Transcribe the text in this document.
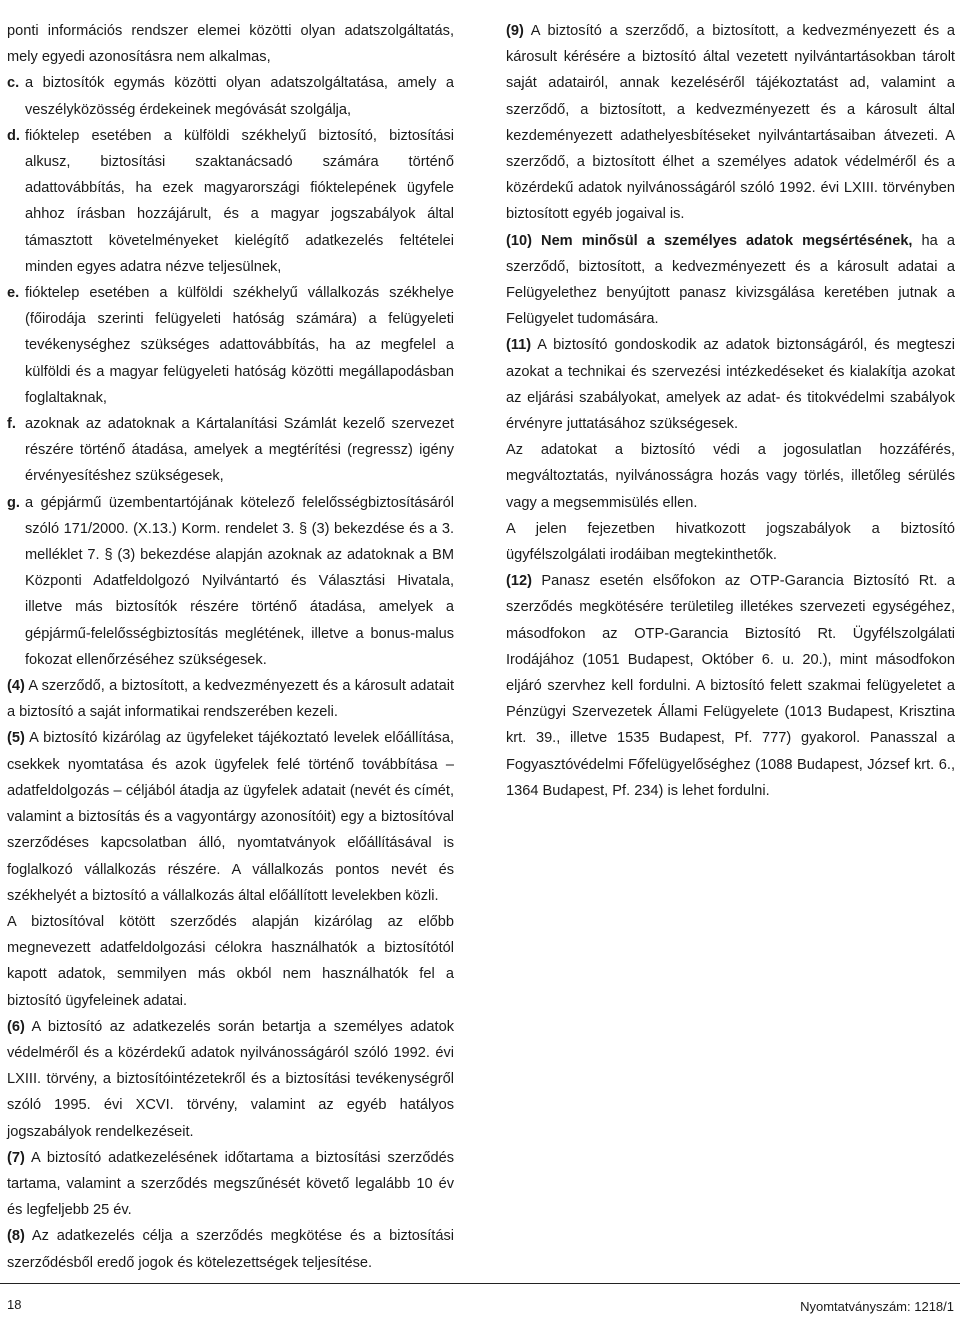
ponti információs rendszer elemei közötti olyan adatszolgáltatás, mely egyedi azonosításra nem alkalmas,

c. a biztosítók egymás közötti olyan adatszolgáltatása, amely a veszélyközösség érdekeinek megóvását szolgálja,

d. fióktelep esetében a külföldi székhelyű biztosító, biztosítási alkusz, biztosítási szaktanácsadó számára történő adattovábbítás, ha ezek magyarországi fióktelepének ügyfele ahhoz írásban hozzájárult, és a magyar jogszabályok által támasztott követelményeket kielégítő adatkezelés feltételei minden egyes adatra nézve teljesülnek,

e. fióktelep esetében a külföldi székhelyű vállalkozás székhelye (főirodája szerinti felügyeleti hatóság számára) a felügyeleti tevékenységhez szükséges adattovábbítás, ha az megfelel a külföldi és a magyar felügyeleti hatóság közötti megállapodásban foglaltaknak,

f. azoknak az adatoknak a Kártalanítási Számlát kezelő szervezet részére történő átadása, amelyek a megtérítési (regressz) igény érvényesítéshez szükségesek,

g. a gépjármű üzembentartójának kötelező felelősségbiztosításáról szóló 171/2000. (X.13.) Korm. rendelet 3. § (3) bekezdése és a 3. melléklet 7. § (3) bekezdése alapján azoknak az adatoknak a BM Központi Adatfeldolgozó Nyilvántartó és Választási Hivatala, illetve más biztosítók részére történő átadása, amelyek a gépjármű-felelősségbiztosítás meglétének, illetve a bonus-malus fokozat ellenőrzéséhez szükségesek.

(4) A szerződő, a biztosított, a kedvezményezett és a károsult adatait a biztosító a saját informatikai rendszerében kezeli.

(5) A biztosító kizárólag az ügyfeleket tájékoztató levelek előállítása, csekkek nyomtatása és azok ügyfelek felé történő továbbítása – adatfeldolgozás – céljából átadja az ügyfelek adatait (nevét és címét, valamint a biztosítás és a vagyontárgy azonosítóit) egy a biztosítóval szerződéses kapcsolatban álló, nyomtatványok előállításával is foglalkozó vállalkozás részére. A vállalkozás pontos nevét és székhelyét a biztosító a vállalkozás által előállított levelekben közli.

A biztosítóval kötött szerződés alapján kizárólag az előbb megnevezett adatfeldolgozási célokra használhatók a biztosítótól kapott adatok, semmilyen más okból nem használhatók fel a biztosító ügyfeleinek adatai.

(6) A biztosító az adatkezelés során betartja a személyes adatok védelméről és a közérdekű adatok nyilvánosságáról szóló 1992. évi LXIII. törvény, a biztosítóintézetekről és a biztosítási tevékenységről szóló 1995. évi XCVI. törvény, valamint az egyéb hatályos jogszabályok rendelkezéseit.

(7) A biztosító adatkezelésének időtartama a biztosítási szerződés tartama, valamint a szerződés megszűnését követő legalább 10 év és legfeljebb 25 év.

(8) Az adatkezelés célja a szerződés megkötése és a biztosítási szerződésből eredő jogok és kötelezettségek teljesítése.

(9) A biztosító a szerződő, a biztosított, a kedvezményezett és a károsult kérésére a biztosító által vezetett nyilvántartásokban tárolt saját adatairól, annak kezeléséről tájékoztatást ad, valamint a szerződő, a biztosított, a kedvezményezett és a károsult által kezdeményezett adathelyesbítéseket nyilvántartásaiban átvezeti. A szerződő, a biztosított élhet a személyes adatok védelméről és a közérdekű adatok nyilvánosságáról szóló 1992. évi LXIII. törvényben biztosított egyéb jogaival is.

(10) Nem minősül a személyes adatok megsértésének, ha a szerződő, biztosított, a kedvezményezett és a károsult adatai a Felügyelethez benyújtott panasz kivizsgálása keretében jutnak a Felügyelet tudomására.

(11) A biztosító gondoskodik az adatok biztonságáról, és megteszi azokat a technikai és szervezési intézkedéseket és kialakítja azokat az eljárási szabályokat, amelyek az adat- és titokvédelmi szabályok érvényre juttatásához szükségesek.

Az adatokat a biztosító védi a jogosulatlan hozzáférés, megváltoztatás, nyilvánosságra hozás vagy törlés, illetőleg sérülés vagy a megsemmisülés ellen.

A jelen fejezetben hivatkozott jogszabályok a biztosító ügyfélszolgálati irodáiban megtekinthetők.

(12) Panasz esetén elsőfokon az OTP-Garancia Biztosító Rt. a szerződés megkötésére területileg illetékes szervezeti egységéhez, másodfokon az OTP-Garancia Biztosító Rt. Ügyfélszolgálati Irodájához (1051 Budapest, Október 6. u. 20.), mint másodfokon eljáró szervhez kell fordulni. A biztosító felett szakmai felügyeletet a Pénzügyi Szervezetek Állami Felügyelete (1013 Budapest, Krisztina krt. 39., illetve 1535 Budapest, Pf. 777) gyakorol. Panasszal a Fogyasztóvédelmi Főfelügyelőséghez (1088 Budapest, József krt. 6., 1364 Budapest, Pf. 234) is lehet fordulni.

18	Nyomtatványszám: 1218/1
